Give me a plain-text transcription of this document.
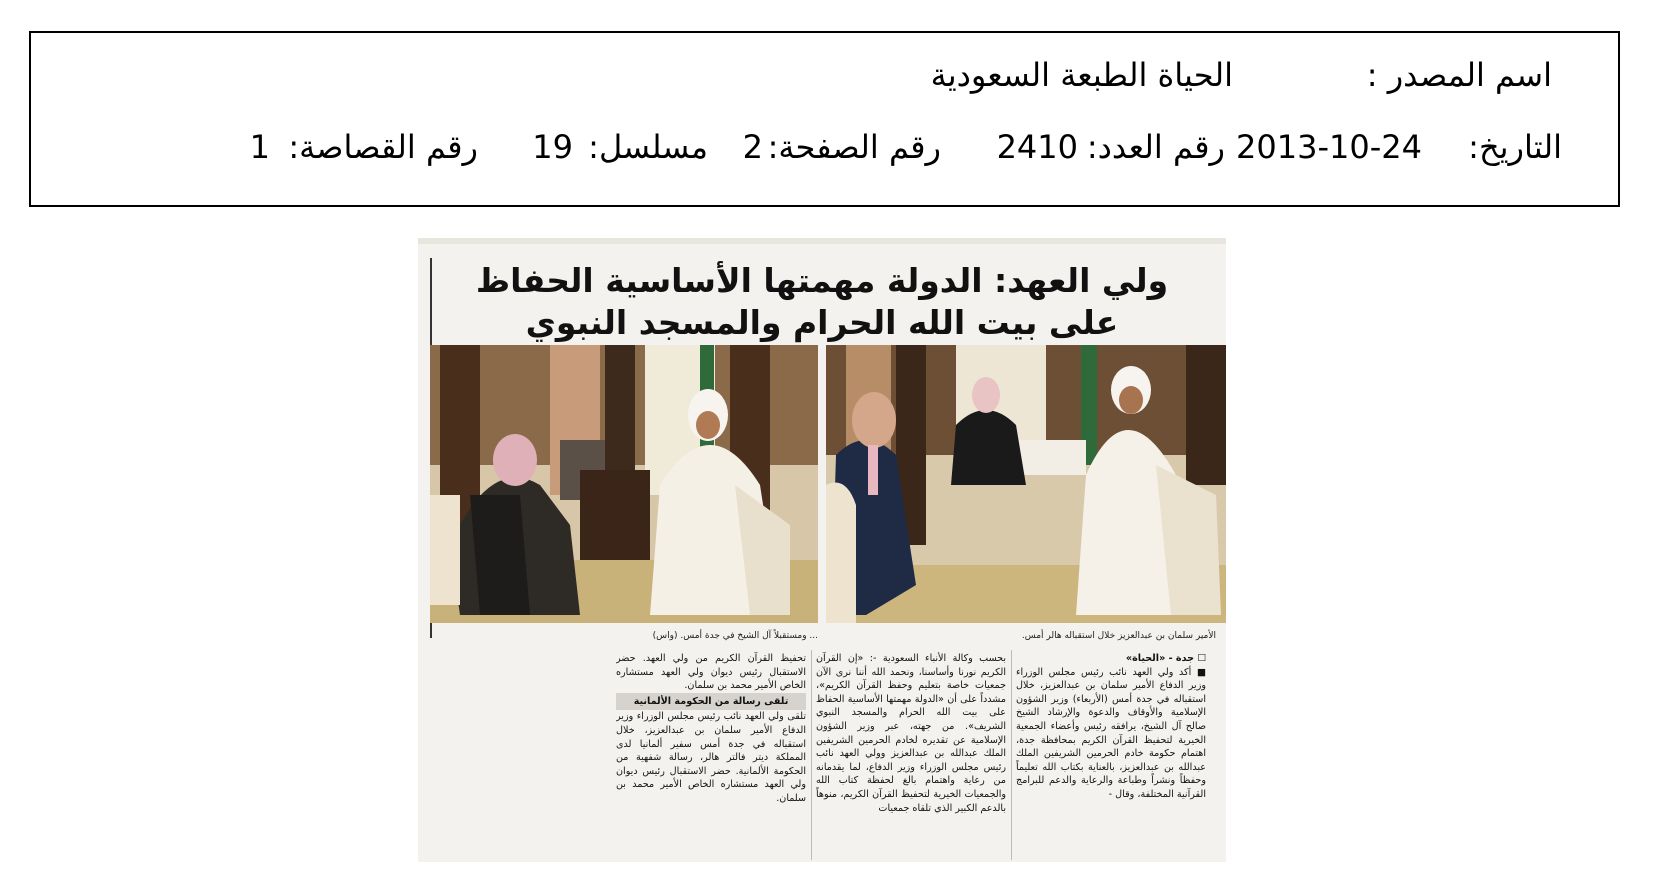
اسم المصدر :
الحياة الطبعة السعودية
التاريخ:
2013-10-24
رقم العدد:
2410
رقم الصفحة:
2
مسلسل:
19
رقم القصاصة:
1
ولي العهد: الدولة مهمتها الأساسية الحفاظ
على بيت الله الحرام والمسجد النبوي
... ومستقبلاً آل الشيخ في جدة أمس. (واس)	الأمير سلمان بن عبدالعزيز خلال استقباله هالر أمس.

☐ جدة - «الحياة»

■ أكد ولي العهد نائب رئيس مجلس الوزراء وزير الدفاع الأمير سلمان بن عبدالعزيز، خلال استقباله في جدة أمس (الأربعاء) وزير الشؤون الإسلامية والأوقاف والدعوة والإرشاد الشيخ صالح آل الشيخ، يرافقه رئيس وأعضاء الجمعية الخيرية لتحفيظ القرآن الكريم بمحافظة جدة، اهتمام حكومة خادم الحرمين الشريفين الملك عبدالله بن عبدالعزيز، بالعناية بكتاب الله تعليماً وحفظاً ونشراً وطباعة والرعاية والدعم للبرامج القرآنية المختلفة، وقال -

بحسب وكالة الأنباء السعودية -: «إن القرآن الكريم نورنا وأساسنا، ونحمد الله أننا نرى الآن جمعيات خاصة بتعليم وحفظ القرآن الكريم»، مشدداً على أن «الدولة مهمتها الأساسية الحفاظ على بيت الله الحرام والمسجد النبوي الشريف». من جهته، عبر وزير الشؤون الإسلامية عن تقديره لخادم الحرمين الشريفين الملك عبدالله بن عبدالعزيز وولي العهد نائب رئيس مجلس الوزراء وزير الدفاع، لما يقدمانه من رعاية واهتمام بالغ لحفظة كتاب الله والجمعيات الخيرية لتحفيظ القرآن الكريم، منوهاً بالدعم الكبير الذي تلقاه جمعيات

تحفيظ القرآن الكريم من ولي العهد. حضر الاستقبال رئيس ديوان ولي العهد مستشاره الخاص الأمير محمد بن سلمان.

تلقى رسالة من الحكومة الألمانية

تلقى ولي العهد نائب رئيس مجلس الوزراء وزير الدفاع الأمير سلمان بن عبدالعزيز، خلال استقباله في جدة أمس سفير ألمانيا لدى المملكة ديتر فالتر هالر، رسالة شفهية من الحكومة الألمانية. حضر الاستقبال رئيس ديوان ولي العهد مستشاره الخاص الأمير محمد بن سلمان.
